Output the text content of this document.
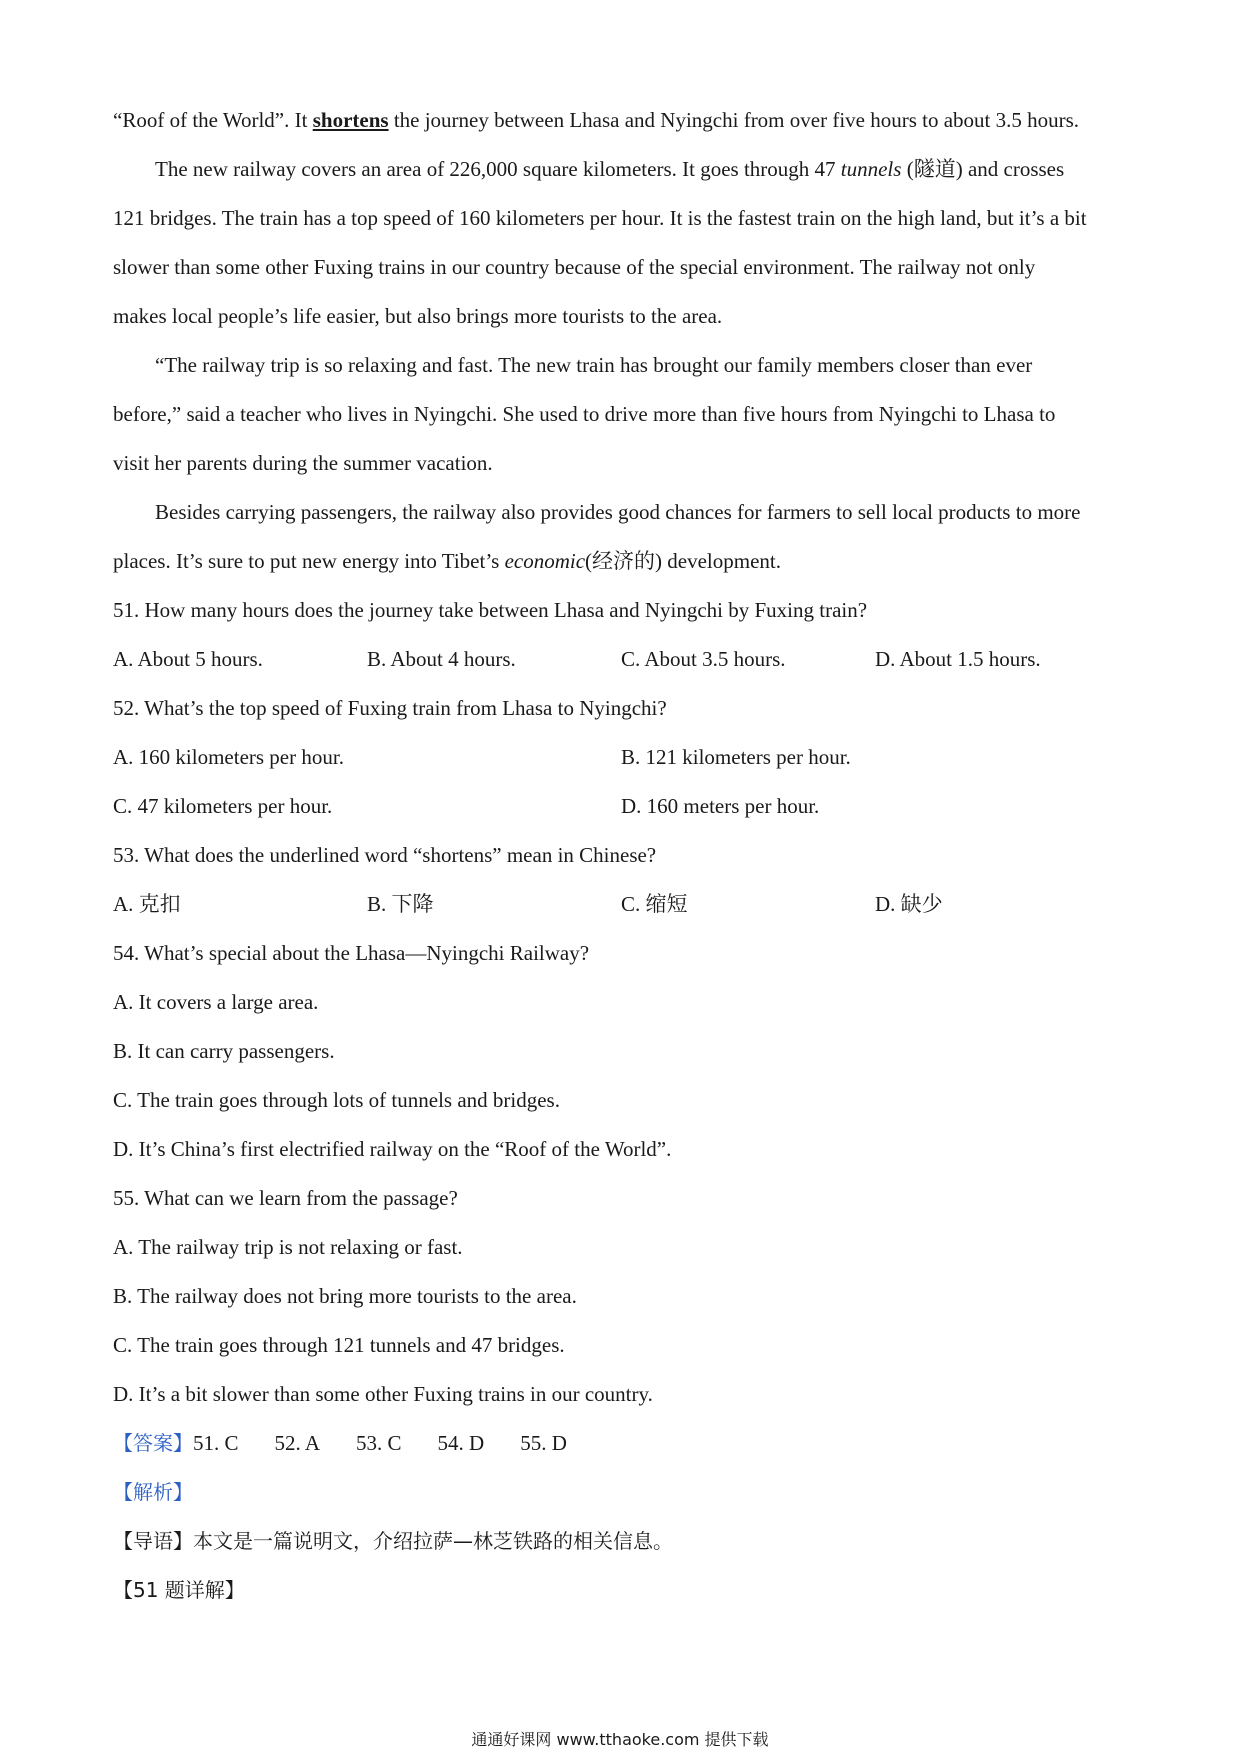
“Roof of the World”. It shortens the journey between Lhasa and Nyingchi from over five hours to about 3.5 hours.
The new railway covers an area of 226,000 square kilometers. It goes through 47 tunnels (隧道) and crosses
121 bridges. The train has a top speed of 160 kilometers per hour. It is the fastest train on the high land, but it’s a bit
slower than some other Fuxing trains in our country because of the special environment. The railway not only
makes local people’s life easier, but also brings more tourists to the area.
“The railway trip is so relaxing and fast. The new train has brought our family members closer than ever
before,” said a teacher who lives in Nyingchi. She used to drive more than five hours from Nyingchi to Lhasa to
visit her parents during the summer vacation.
Besides carrying passengers, the railway also provides good chances for farmers to sell local products to more
places. It’s sure to put new energy into Tibet’s economic(经济的) development.
51. How many hours does the journey take between Lhasa and Nyingchi by Fuxing train?
A. About 5 hours.	B. About 4 hours.	C. About 3.5 hours.	D. About 1.5 hours.
52. What’s the top speed of Fuxing train from Lhasa to Nyingchi?
A. 160 kilometers per hour.	B. 121 kilometers per hour.
C. 47 kilometers per hour.	D. 160 meters per hour.
53. What does the underlined word “shortens” mean in Chinese?
A. 克扣	B. 下降	C. 缩短	D. 缺少
54. What’s special about the Lhasa—Nyingchi Railway?
A. It covers a large area.
B. It can carry passengers.
C. The train goes through lots of tunnels and bridges.
D. It’s China’s first electrified railway on the “Roof of the World”.
55. What can we learn from the passage?
A. The railway trip is not relaxing or fast.
B. The railway does not bring more tourists to the area.
C. The train goes through 121 tunnels and 47 bridges.
D. It’s a bit slower than some other Fuxing trains in our country.
【答案】51. C 52. A 53. C 54. D 55. D
【解析】
【导语】本文是一篇说明文，介绍拉萨—林芝铁路的相关信息。
【51 题详解】
通通好课网 www.tthaoke.com 提供下载
